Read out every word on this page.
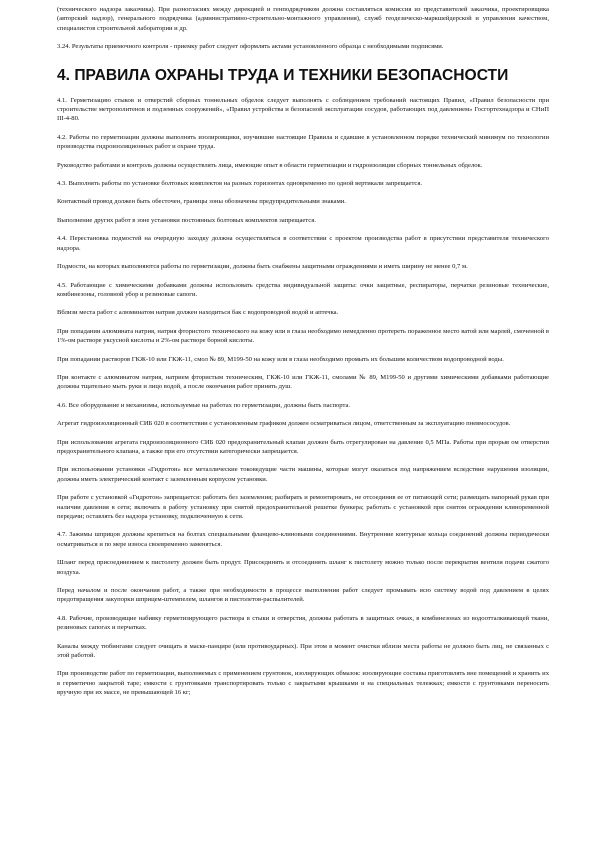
(технического надзора заказчика). При разногласиях между дирекцией и генподрядчиком должна составляться комиссия из представителей заказчика, проектировщика (авторский надзор), генерального подрядчика (административно-строительно-монтажного управления), служб геодезическо-маркшейдерской и управления качеством, специалистов строительной лаборатории и др.

3.24. Результаты приемочного контроля - приемку работ следует оформлять актами установленного образца с необходимыми подписями.

4. ПРАВИЛА ОХРАНЫ ТРУДА И ТЕХНИКИ БЕЗОПАСНОСТИ

4.1. Герметизацию стыков и отверстий сборных тоннельных обделок следует выполнять с соблюдением требований настоящих Правил, «Правил безопасности при строительстве метрополитенов и подземных сооружений», «Правил устройства и безопасной эксплуатации сосудов, работающих под давлением» Госгортехнадзора и СНиП III-4-80.

4.2. Работы по герметизации должны выполнять изолировщики, изучившие настоящие Правила и сдавшие в установленном порядке технический минимум по технологии производства гидроизоляционных работ и охране труда.

Руководство работами и контроль должны осуществлять лица, имеющие опыт в области герметизации и гидроизоляции сборных тоннельных обделок.

4.3. Выполнять работы по установке болтовых комплектов на разных горизонтах одновременно по одной вертикали запрещается.

Контактный провод должен быть обесточен, границы зоны обозначены предупредительными знаками.

Выполнение других работ в зоне установки постоянных болтовых комплектов запрещается.

4.4. Перестановка подмостей на очередную заходку должна осуществляться в соответствии с проектом производства работ в присутствии представителя технического надзора.

Подмости, на которых выполняются работы по герметизации, должны быть снабжены защитными ограждениями и иметь ширину не менее 0,7 м.

4.5. Работающие с химическими добавками должны использовать средства индивидуальной защиты: очки защитные, респираторы, перчатки резиновые технические, комбинезоны, головной убор и резиновые сапоги.

Вблизи места работ с алюминатом натрия должен находиться бак с водопроводной водой и аптечка.

При попадании алюмината натрия, натрия фтористого технического на кожу или в глаза необходимо немедленно протереть пораженное место ватой или марлей, смоченной в 1%-ом растворе уксусной кислоты и 2%-ом растворе борной кислоты.

При попадании растворов ГКЖ-10 или ГКЖ-11, смол № 89, М199-50 на кожу или в глаза необходимо промыть их большим количеством водопроводной воды.

При контакте с алюминатом натрия, натрием фтористым техническим, ГКЖ-10 или ГКЖ-11, смолами № 89, М199-50 и другими химическими добавками работающие должны тщательно мыть руки и лицо водой, а после окончания работ принять душ.

4.6. Все оборудование и механизмы, используемые на работах по герметизации, должны быть паспорта.

Агрегат гидроизоляционный СИБ 020 в соответствии с установленным графиком должен осматриваться лицом, ответственным за эксплуатацию пневмососудов.

При использовании агрегата гидроизоляционного СИБ 020 предохранительный клапан должен быть отрегулирован на давление 0,5 МПа. Работы при прорыв ом отверстии предохранительного клапана, а также при его отсутствии категорически запрещается.

При использовании установки «Гидротон» все металлические токоведущие части машины, которые могут оказаться под напряжением вследствие нарушения изоляции, должны иметь электрический контакт с заземленным корпусом установки.

При работе с установкой «Гидротон» запрещается: работать без заземления; разбирать и ремонтировать, не отсоединив ее от питающей сети; размещать напорный рукав при наличии давления в сети; включать в работу установку при снятой предохранительной решетке бункера; работать с установкой при снятом ограждении клиноременной передачи; оставлять без надзора установку, подключенную к сети.

4.7. Зажимы шприцов должны крепиться на болтах специальными фланцево-клиновыми соединениями. Внутренние контурные кольца соединений должны периодически осматриваться и по мере износа своевременно заменяться.

Шланг перед присоединением к пистолету должен быть продут. Присоединять и отсоединять шланг к пистолету можно только после перекрытия вентиля подачи сжатого воздуха.

Перед началом и после окончания работ, а также при необходимости в процессе выполнения работ следует промывать всю систему водой под давлением в целях предотвращения закупорки шприцем-штемпелем, шлангов и пистолетов-распылителей.

4.8. Рабочие, производящие набивку герметизирующего раствора в стыки и отверстия, должны работать в защитных очках, в комбинезонах из водоотталкивающей ткани, резиновых сапогах и перчатках.

Каналы между тюбингами следует очищать в маске-панцире (или противоударных). При этом в момент очистки вблизи места работы не должно быть лиц, не связанных с этой работой.

При производстве работ по герметизации, выполняемых с применением грунтовок, изолирующих обмазок: изолирующие составы приготовлять вне помещений и хранить их в герметично закрытой таре; емкости с грунтовками транспортировать только с закрытыми крышками и на специальных тележках; емкости с грунтовками переносить вручную при их массе, не превышающей 16 кг;
